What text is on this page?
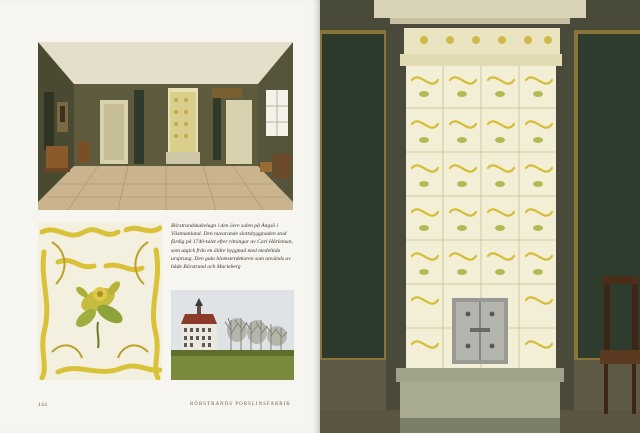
Börstrandskakelugn i den övre salen på Ängsö i Västmanland. Den nuvarande slottsbyggnaden stod färdig på 1740-talet efter ritningar av Carl Hårleman, som utgick från en äldre byggnad med medeltida ursprung. Den gula blomsterdekoren som används av både Börstrand och Marieberg

144	RÖRSTRANDS PORSLINSFABRIK
